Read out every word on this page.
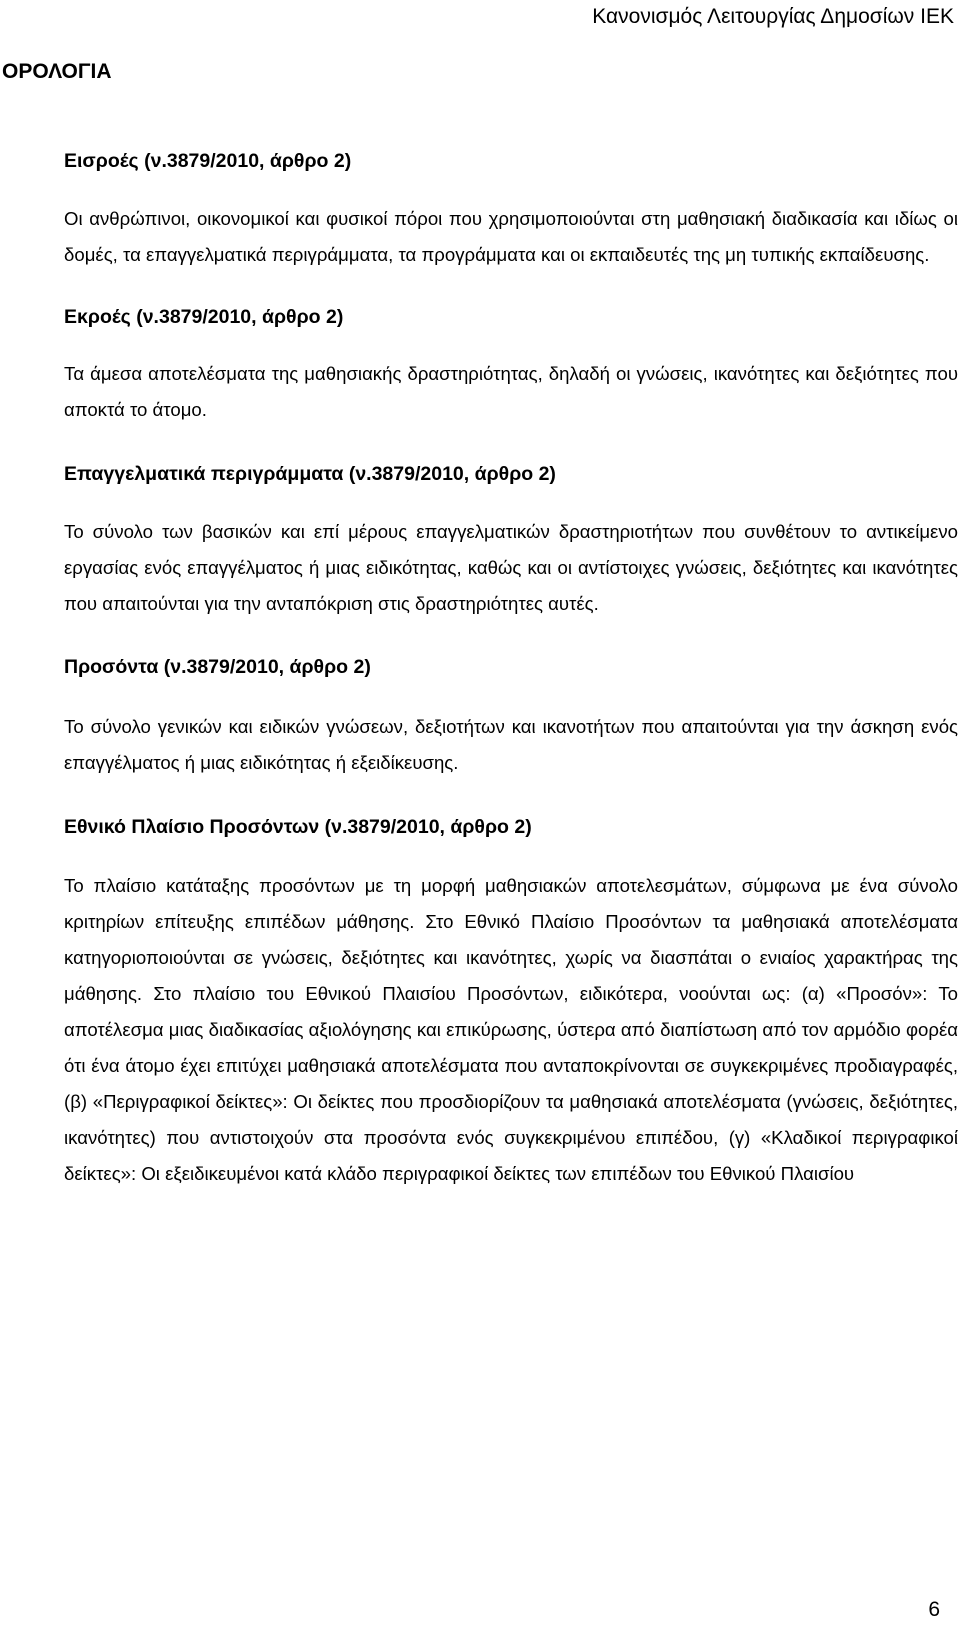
Κανονισμός Λειτουργίας Δημοσίων ΙΕΚ
ΟΡΟΛΟΓΙΑ

Εισροές (ν.3879/2010, άρθρο 2)

Οι ανθρώπινοι, οικονομικοί και φυσικοί πόροι που χρησιμοποιούνται στη μαθησιακή διαδικασία και ιδίως οι δομές, τα επαγγελματικά περιγράμματα, τα προγράμματα και οι εκπαιδευτές της μη τυπικής εκπαίδευσης.

Εκροές (ν.3879/2010, άρθρο 2)

Τα άμεσα αποτελέσματα της μαθησιακής δραστηριότητας, δηλαδή οι γνώσεις, ικανότητες και δεξιότητες που αποκτά το άτομο.

Επαγγελματικά περιγράμματα (ν.3879/2010, άρθρο 2)

Το σύνολο των βασικών και επί μέρους επαγγελματικών δραστηριοτήτων που συνθέτουν το αντικείμενο εργασίας ενός επαγγέλματος ή μιας ειδικότητας, καθώς και οι αντίστοιχες γνώσεις, δεξιότητες και ικανότητες που απαιτούνται για την ανταπόκριση στις δραστηριότητες αυτές.

Προσόντα (ν.3879/2010, άρθρο 2)

Το σύνολο γενικών και ειδικών γνώσεων, δεξιοτήτων και ικανοτήτων που απαιτούνται για την άσκηση ενός επαγγέλματος ή μιας ειδικότητας ή εξειδίκευσης.

Εθνικό Πλαίσιο Προσόντων (ν.3879/2010, άρθρο 2)

Το πλαίσιο κατάταξης προσόντων με τη μορφή μαθησιακών αποτελεσμάτων, σύμφωνα με ένα σύνολο κριτηρίων επίτευξης επιπέδων μάθησης. Στο Εθνικό Πλαίσιο Προσόντων τα μαθησιακά αποτελέσματα κατηγοριοποιούνται σε γνώσεις, δεξιότητες και ικανότητες, χωρίς να διασπάται ο ενιαίος χαρακτήρας της μάθησης. Στο πλαίσιο του Εθνικού Πλαισίου Προσόντων, ειδικότερα, νοούνται ως: (α) «Προσόν»: Το αποτέλεσμα μιας διαδικασίας αξιολόγησης και επικύρωσης, ύστερα από διαπίστωση από τον αρμόδιο φορέα ότι ένα άτομο έχει επιτύχει μαθησιακά αποτελέσματα που ανταποκρίνονται σε συγκεκριμένες προδιαγραφές, (β) «Περιγραφικοί δείκτες»: Οι δείκτες που προσδιορίζουν τα μαθησιακά αποτελέσματα (γνώσεις, δεξιότητες, ικανότητες) που αντιστοιχούν στα προσόντα ενός συγκεκριμένου επιπέδου, (γ) «Κλαδικοί περιγραφικοί δείκτες»: Οι εξειδικευμένοι κατά κλάδο περιγραφικοί δείκτες των επιπέδων του Εθνικού Πλαισίου

6
